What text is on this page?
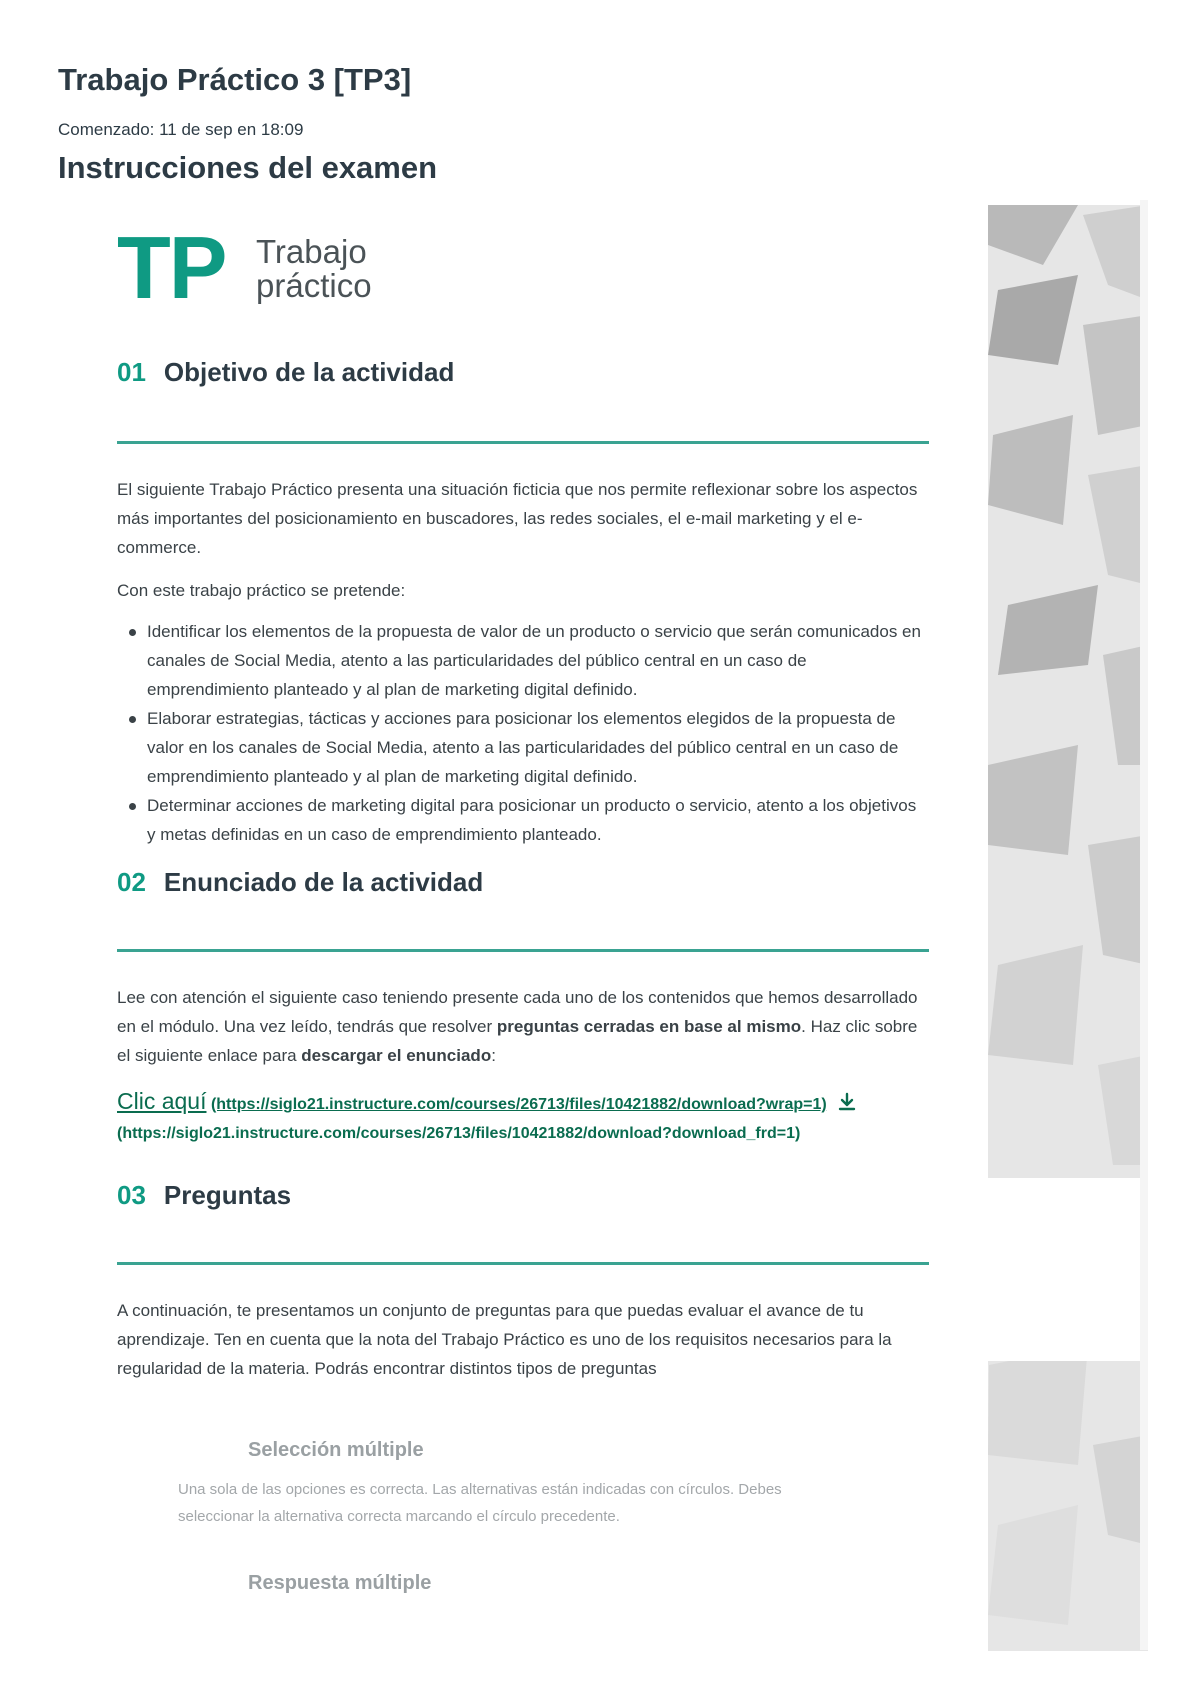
Trabajo Práctico 3 [TP3]
Comenzado: 11 de sep en 18:09
Instrucciones del examen
TP Trabajo
práctico
01 Objetivo de la actividad

El siguiente Trabajo Práctico presenta una situación ficticia que nos permite reflexionar sobre los aspectos más importantes del posicionamiento en buscadores, las redes sociales, el e-mail marketing y el e-commerce.

Con este trabajo práctico se pretende:

Identificar los elementos de la propuesta de valor de un producto o servicio que serán comunicados en canales de Social Media, atento a las particularidades del público central en un caso de emprendimiento planteado y al plan de marketing digital definido.
Elaborar estrategias, tácticas y acciones para posicionar los elementos elegidos de la propuesta de valor en los canales de Social Media, atento a las particularidades del público central en un caso de emprendimiento planteado y al plan de marketing digital definido.
Determinar acciones de marketing digital para posicionar un producto o servicio, atento a los objetivos y metas definidas en un caso de emprendimiento planteado.
02 Enunciado de la actividad

Lee con atención el siguiente caso teniendo presente cada uno de los contenidos que hemos desarrollado en el módulo. Una vez leído, tendrás que resolver preguntas cerradas en base al mismo. Haz clic sobre el siguiente enlace para descargar el enunciado:

Clic aquí (https://siglo21.instructure.com/courses/26713/files/10421882/download?wrap=1)
(https://siglo21.instructure.com/courses/26713/files/10421882/download?download_frd=1)
03 Preguntas

A continuación, te presentamos un conjunto de preguntas para que puedas evaluar el avance de tu aprendizaje. Ten en cuenta que la nota del Trabajo Práctico es uno de los requisitos necesarios para la regularidad de la materia. Podrás encontrar distintos tipos de preguntas

Selección múltiple

Una sola de las opciones es correcta. Las alternativas están indicadas con círculos. Debes seleccionar la alternativa correcta marcando el círculo precedente.

Respuesta múltiple
